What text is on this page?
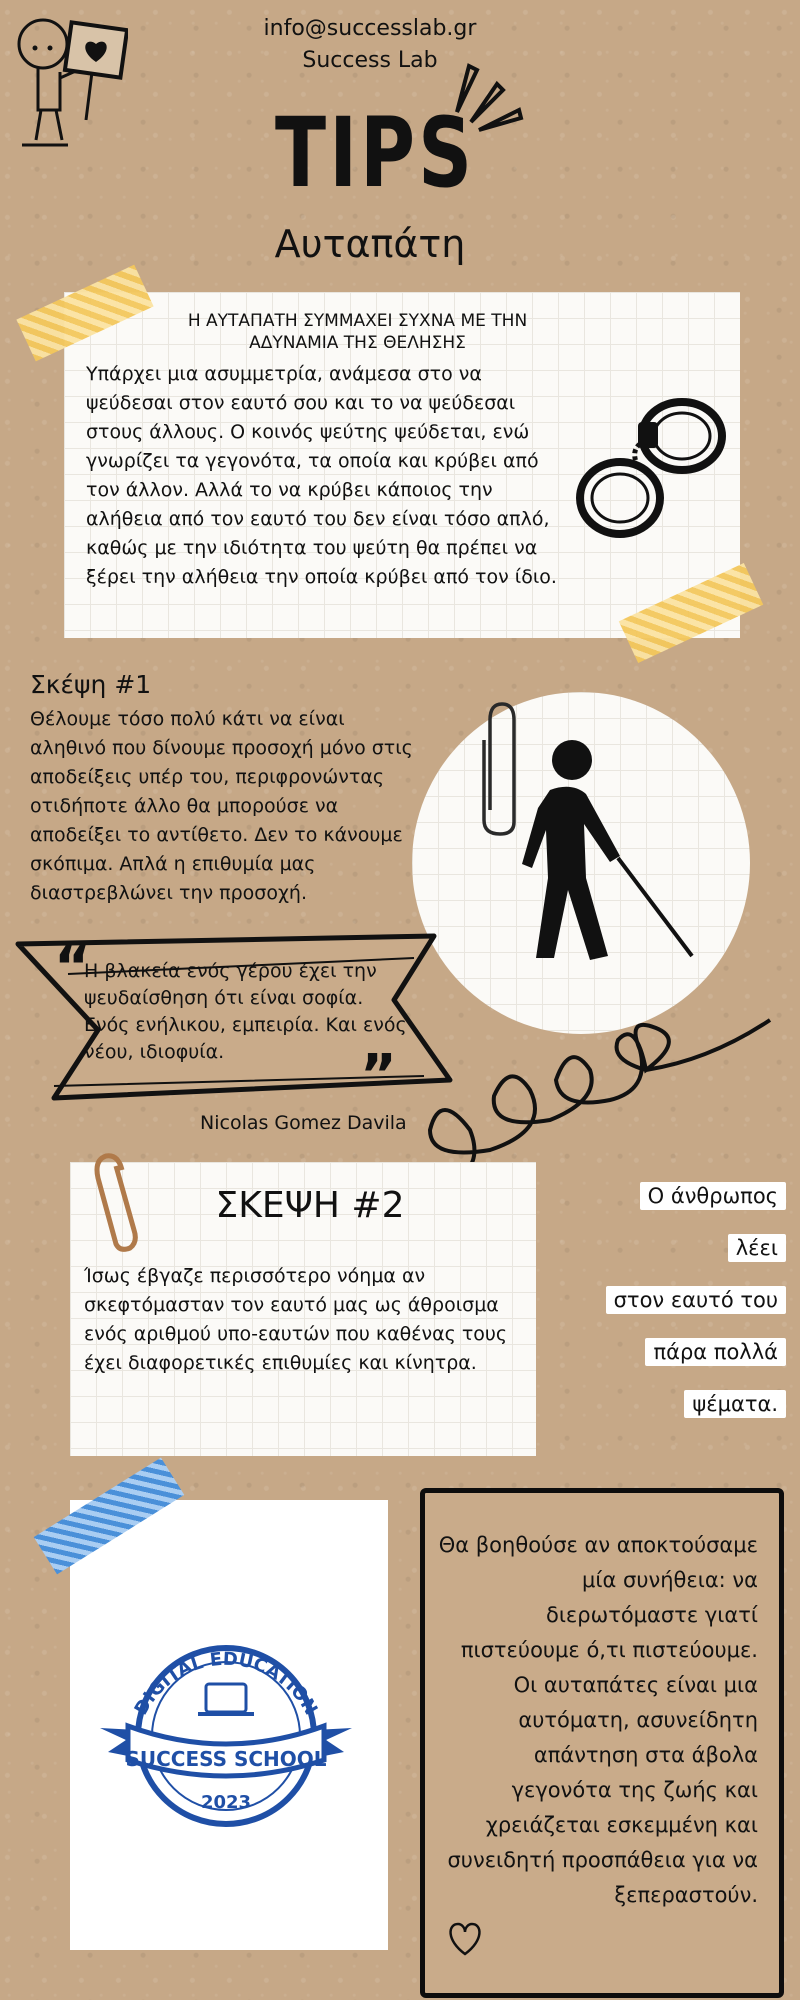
info@successlab.gr
Success Lab
TIPS
Αυταπάτη
Η ΑΥΤΑΠΑΤΗ ΣΥΜΜΑΧΕΙ ΣΥΧΝΑ ΜΕ ΤΗΝ ΑΔΥΝΑΜΙΑ ΤΗΣ ΘΕΛΗΣΗΣ
Υπάρχει μια ασυμμετρία, ανάμεσα στο να ψεύδεσαι στον εαυτό σου και το να ψεύδεσαι στους άλλους. Ο κοινός ψεύτης ψεύδεται, ενώ γνωρίζει τα γεγονότα, τα οποία και κρύβει από τον άλλον. Αλλά το να κρύβει κάποιος την αλήθεια από τον εαυτό του δεν είναι τόσο απλό, καθώς με την ιδιότητα του ψεύτη θα πρέπει να ξέρει την αλήθεια την οποία κρύβει από τον ίδιο.
Σκέψη #1
Θέλουμε τόσο πολύ κάτι να είναι αληθινό που δίνουμε προσοχή μόνο στις αποδείξεις υπέρ του, περιφρονώντας οτιδήποτε άλλο θα μπορούσε να αποδείξει το αντίθετο. Δεν το κάνουμε σκόπιμα. Απλά η επιθυμία μας διαστρεβλώνει την προσοχή.
“
”
Η βλακεία ενός γέρου έχει την ψευδαίσθηση ότι είναι σοφία. Ενός ενήλικου, εμπειρία. Και ενός νέου, ιδιοφυία.
Nicolas Gomez Davila
ΣΚΕΨΗ #2
Ίσως έβγαζε περισσότερο νόημα αν σκεφτόμασταν τον εαυτό μας ως άθροισμα ενός αριθμού υπο-εαυτών που καθένας τους έχει διαφορετικές επιθυμίες και κίνητρα.
Ο άνθρωπος
λέει
στον εαυτό του
πάρα πολλά
ψέματα.
DIGITAL EDUCATION
SUCCESS SCHOOL
2023
Θα βοηθούσε αν αποκτούσαμε μία συνήθεια: να διερωτόμαστε γιατί πιστεύουμε ό,τι πιστεύουμε. Οι αυταπάτες είναι μια αυτόματη, ασυνείδητη απάντηση στα άβολα γεγονότα της ζωής και χρειάζεται εσκεμμένη και συνειδητή προσπάθεια για να ξεπεραστούν.
